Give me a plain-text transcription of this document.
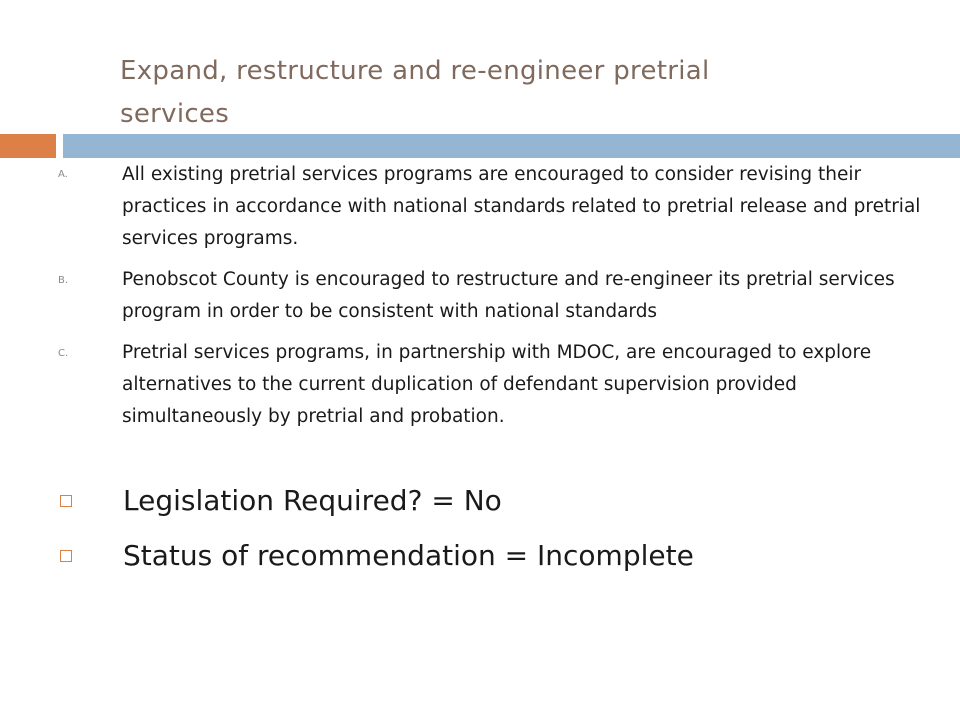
Expand, restructure and re-engineer pretrial services
A.	All existing pretrial services programs are encouraged to consider revising their practices in accordance with national standards related to pretrial release and pretrial services programs.
B.	Penobscot County is encouraged to restructure and re-engineer its pretrial services program in order to be consistent with national standards
C.	Pretrial services programs, in partnership with MDOC, are encouraged to explore alternatives to the current duplication of defendant supervision provided simultaneously by pretrial and probation.
Legislation Required? = No
Status of recommendation = Incomplete
